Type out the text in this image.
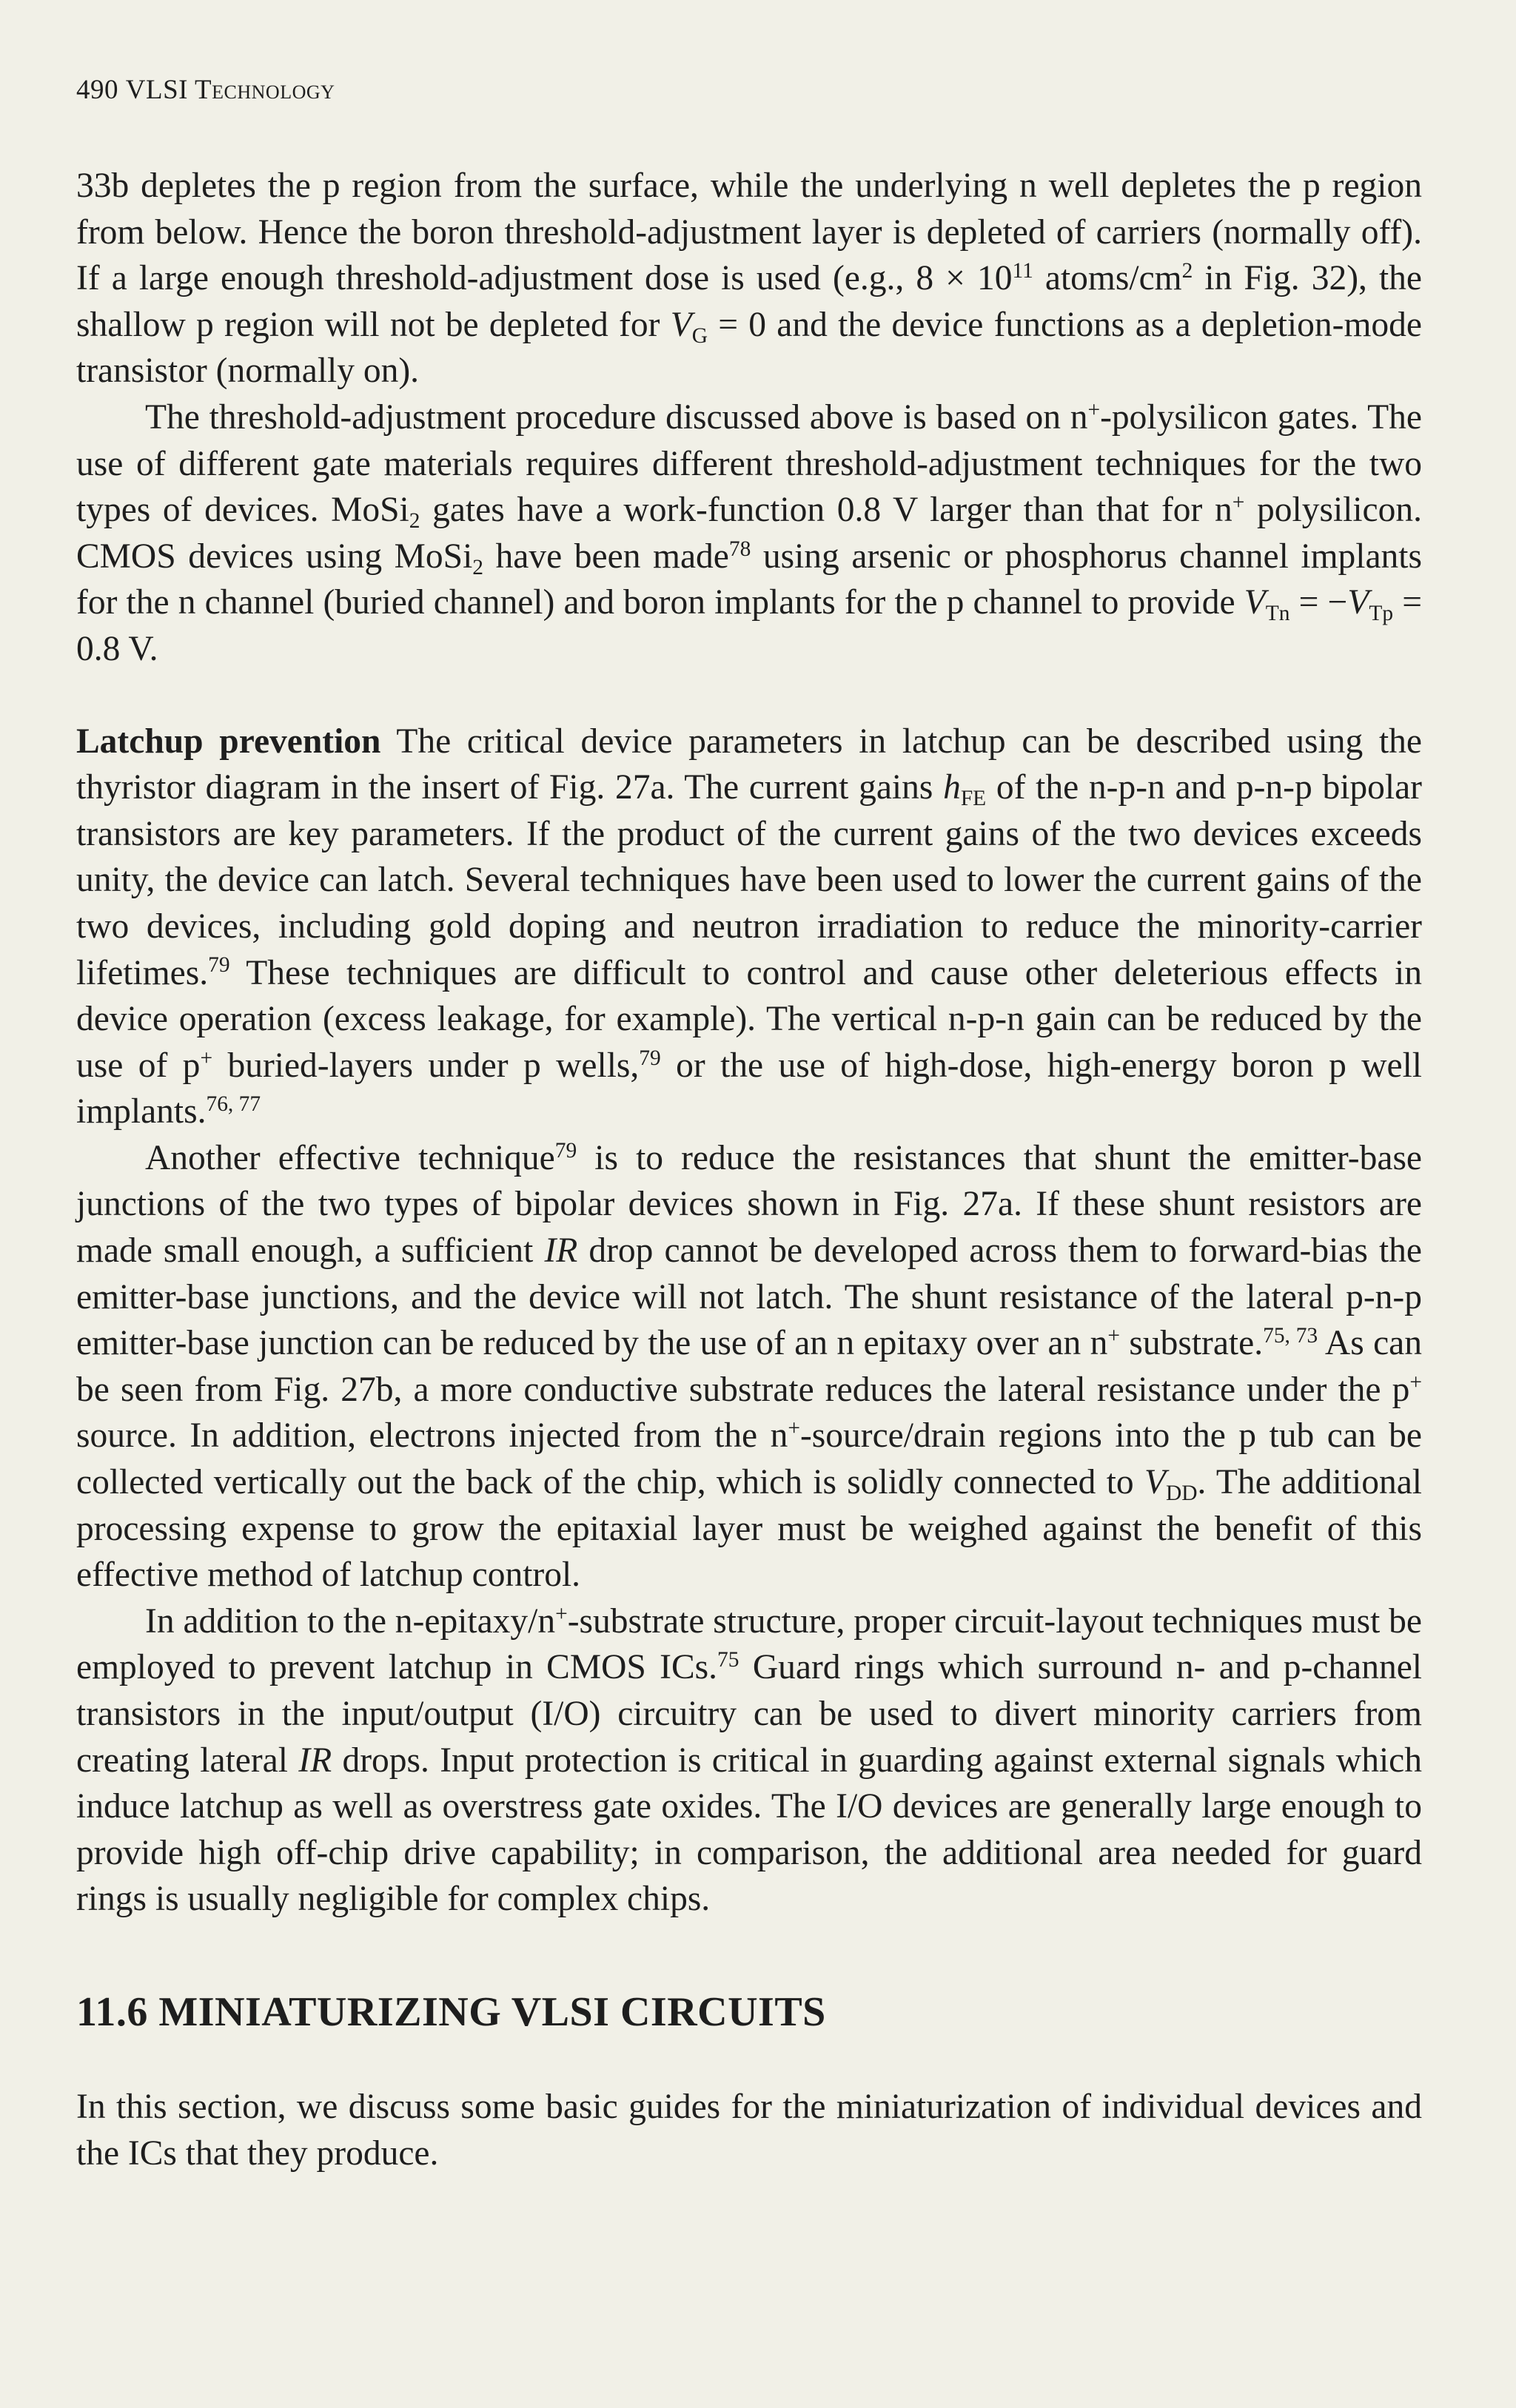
490 VLSI Technology

33b depletes the p region from the surface, while the underlying n well depletes the p region from below. Hence the boron threshold-adjustment layer is depleted of carriers (normally off). If a large enough threshold-adjustment dose is used (e.g., $8 \times 10^{11}$ atoms/$cm^2$ in Fig. 32), the shallow p region will not be depleted for $V_G = 0$ and the device functions as a depletion-mode transistor (normally on).

The threshold-adjustment procedure discussed above is based on n+-polysilicon gates. The use of different gate materials requires different threshold-adjustment techniques for the two types of devices. MoSi$_2$ gates have a work-function 0.8 V larger than that for n+ polysilicon. CMOS devices using MoSi$_2$ have been made$^{78}$ using arsenic or phosphorus channel implants for the n channel (buried channel) and boron implants for the p channel to provide $V_{Tn} = -V_{Tp} = 0.8$ V.

Latchup prevention The critical device parameters in latchup can be described using the thyristor diagram in the insert of Fig. 27a. The current gains $h_{FE}$ of the n-p-n and p-n-p bipolar transistors are key parameters. If the product of the current gains of the two devices exceeds unity, the device can latch. Several techniques have been used to lower the current gains of the two devices, including gold doping and neutron irradiation to reduce the minority-carrier lifetimes.$^{79}$ These techniques are difficult to control and cause other deleterious effects in device operation (excess leakage, for example). The vertical n-p-n gain can be reduced by the use of p+ buried-layers under p wells,$^{79}$ or the use of high-dose, high-energy boron p well implants.$^{76, 77}$

Another effective technique$^{79}$ is to reduce the resistances that shunt the emitter-base junctions of the two types of bipolar devices shown in Fig. 27a. If these shunt resistors are made small enough, a sufficient IR drop cannot be developed across them to forward-bias the emitter-base junctions, and the device will not latch. The shunt resistance of the lateral p-n-p emitter-base junction can be reduced by the use of an n epitaxy over an n+ substrate.$^{75, 73}$ As can be seen from Fig. 27b, a more conductive substrate reduces the lateral resistance under the p+ source. In addition, electrons injected from the n+-source/drain regions into the p tub can be collected vertically out the back of the chip, which is solidly connected to $V_{DD}$. The additional processing expense to grow the epitaxial layer must be weighed against the benefit of this effective method of latchup control.

In addition to the n-epitaxy/n+-substrate structure, proper circuit-layout techniques must be employed to prevent latchup in CMOS ICs.$^{75}$ Guard rings which surround n- and p-channel transistors in the input/output (I/O) circuitry can be used to divert minority carriers from creating lateral IR drops. Input protection is critical in guarding against external signals which induce latchup as well as overstress gate oxides. The I/O devices are generally large enough to provide high off-chip drive capability; in comparison, the additional area needed for guard rings is usually negligible for complex chips.

11.6 MINIATURIZING VLSI CIRCUITS

In this section, we discuss some basic guides for the miniaturization of individual devices and the ICs that they produce.
